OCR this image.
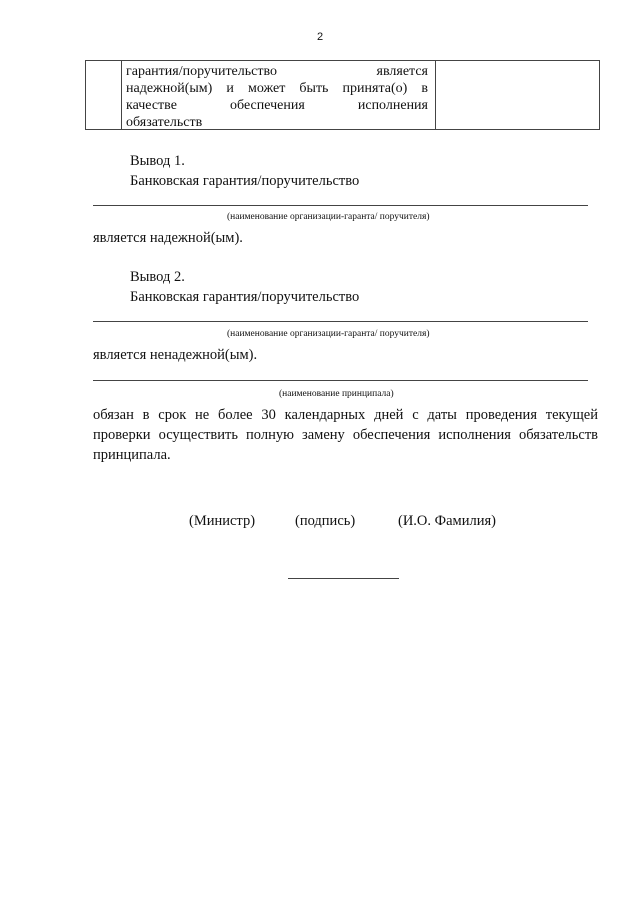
2
гарантия/поручительство является
надежной(ым) и может быть принята(о) в
качестве обеспечения исполнения
обязательств
Вывод 1.
Банковская гарантия/поручительство
(наименование организации-гаранта/ поручителя)
является надежной(ым).
Вывод 2.
Банковская гарантия/поручительство
(наименование организации-гаранта/ поручителя)
является ненадежной(ым).
(наименование принципала)
обязан в срок не более 30 календарных дней с даты проведения текущей
проверки осуществить полную замену обеспечения исполнения обязательств
принципала.
(Министр)	(подпись)	(И.О. Фамилия)
